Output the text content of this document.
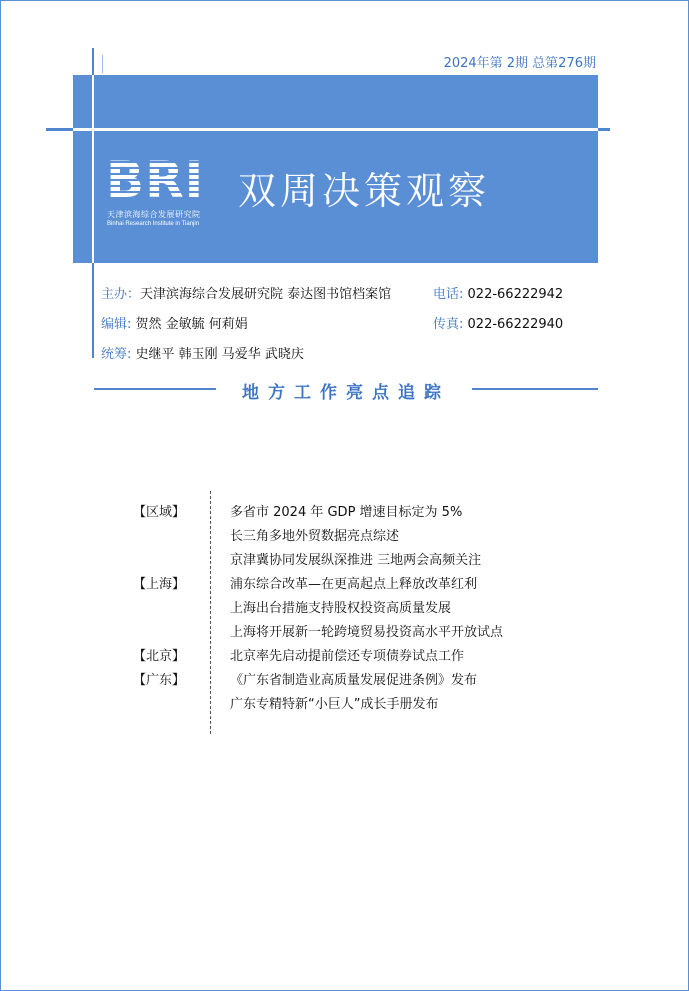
2024年第 2期 总第276期
BRI
天津滨海综合发展研究院
Binhai Research Institute in Tianjin
双周决策观察
主办：天津滨海综合发展研究院 泰达图书馆档案馆	电话: 022-66222942
编辑: 贺然 金敏毓 何莉娟	传真: 022-66222940
统筹: 史继平 韩玉刚 马爱华 武晓庆
地方工作亮点追踪
【区域】	多省市 2024 年 GDP 增速目标定为 5%
长三角多地外贸数据亮点综述
京津冀协同发展纵深推进 三地两会高频关注
【上海】	浦东综合改革—在更高起点上释放改革红利
上海出台措施支持股权投资高质量发展
上海将开展新一轮跨境贸易投资高水平开放试点
【北京】	北京率先启动提前偿还专项债券试点工作
【广东】	《广东省制造业高质量发展促进条例》发布
广东专精特新“小巨人”成长手册发布
